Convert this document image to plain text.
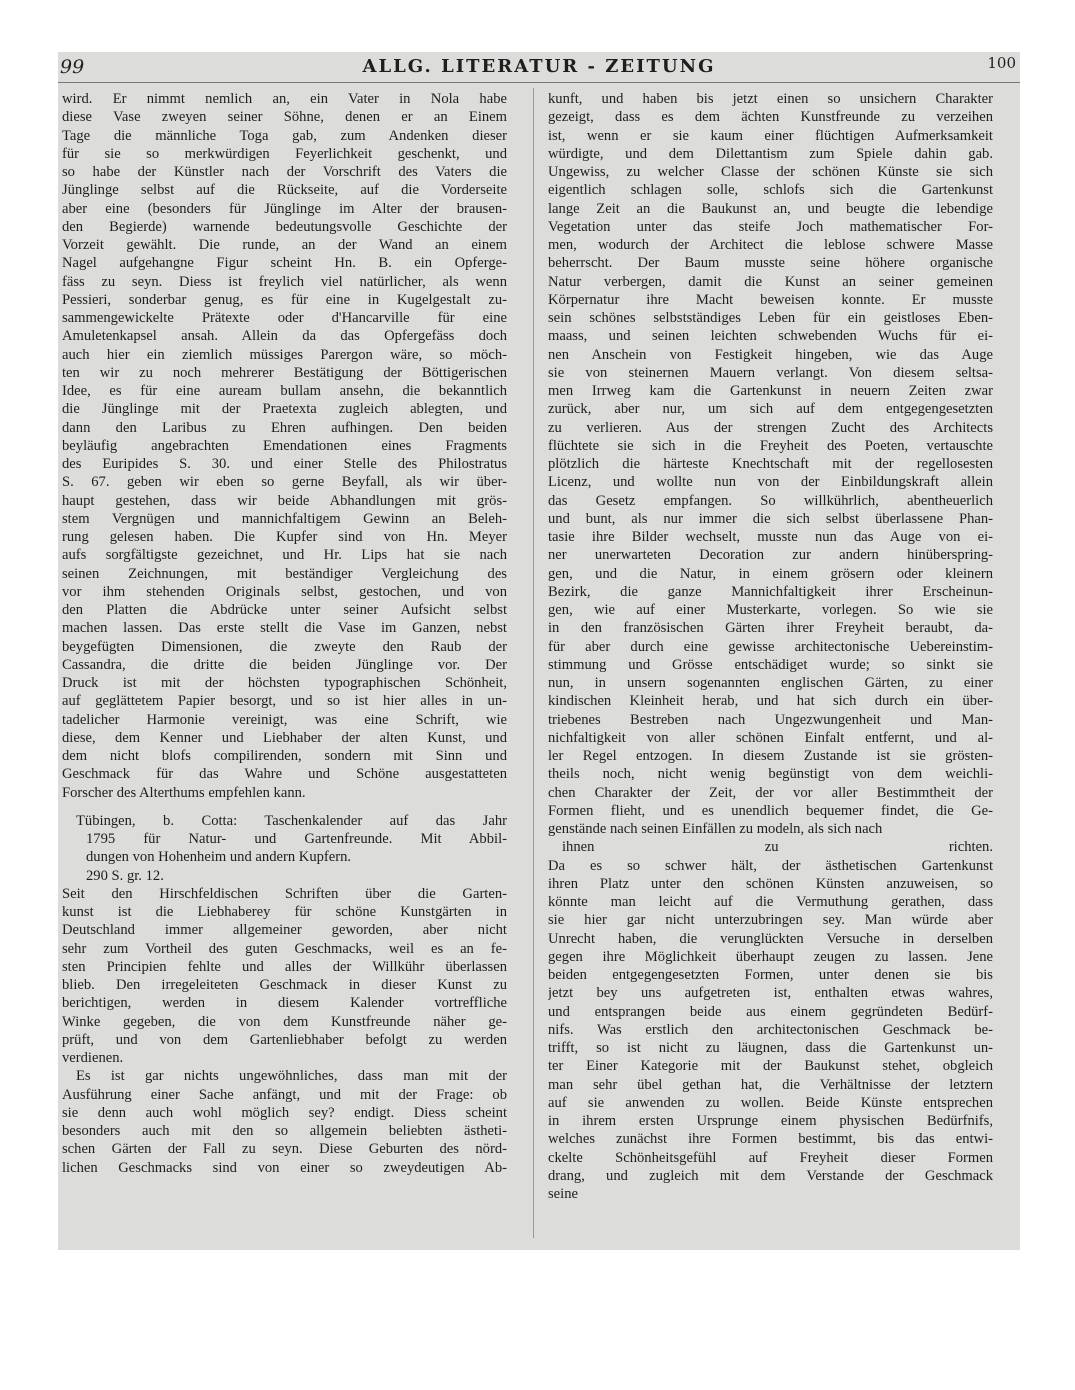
99	ALLG. LITERATUR - ZEITUNG	100
wird. Er nimmt nemlich an, ein Vater in Nola habe
diese Vase zweyen seiner Söhne, denen er an Einem
Tage die männliche Toga gab, zum Andenken dieser
für sie so merkwürdigen Feyerlichkeit geschenkt, und
so habe der Künstler nach der Vorschrift des Vaters die
Jünglinge selbst auf die Rückseite, auf die Vorderseite
aber eine (besonders für Jünglinge im Alter der brausen-
den Begierde) warnende bedeutungsvolle Geschichte der
Vorzeit gewählt. Die runde, an der Wand an einem
Nagel aufgehangne Figur scheint Hn. B. ein Opferge-
fäss zu seyn. Diess ist freylich viel natürlicher, als wenn
Pessieri, sonderbar genug, es für eine in Kugelgestalt zu-
sammengewickelte Prätexte oder d'Hancarville für eine
Amuletenkapsel ansah. Allein da das Opfergefäss doch
auch hier ein ziemlich müssiges Parergon wäre, so möch-
ten wir zu noch mehrerer Bestätigung der Böttigerischen
Idee, es für eine auream bullam ansehn, die bekanntlich
die Jünglinge mit der Praetexta zugleich ablegten, und
dann den Laribus zu Ehren aufhingen. Den beiden
beyläufig angebrachten Emendationen eines Fragments
des Euripides S. 30. und einer Stelle des Philostratus
S. 67. geben wir eben so gerne Beyfall, als wir über-
haupt gestehen, dass wir beide Abhandlungen mit grös-
stem Vergnügen und mannichfaltigem Gewinn an Beleh-
rung gelesen haben. Die Kupfer sind von Hn. Meyer
aufs sorgfältigste gezeichnet, und Hr. Lips hat sie nach
seinen Zeichnungen, mit beständiger Vergleichung des
vor ihm stehenden Originals selbst, gestochen, und von
den Platten die Abdrücke unter seiner Aufsicht selbst
machen lassen. Das erste stellt die Vase im Ganzen, nebst
beygefügten Dimensionen, die zweyte den Raub der
Cassandra, die dritte die beiden Jünglinge vor. Der
Druck ist mit der höchsten typographischen Schönheit,
auf geglättetem Papier besorgt, und so ist hier alles in un-
tadelicher Harmonie vereinigt, was eine Schrift, wie
diese, dem Kenner und Liebhaber der alten Kunst, und
dem nicht blofs compilirenden, sondern mit Sinn und
Geschmack für das Wahre und Schöne ausgestatteten
Forscher des Alterthums empfehlen kann.
Tübingen, b. Cotta: Taschenkalender auf das Jahr
1795 für Natur- und Gartenfreunde. Mit Abbil-
dungen von Hohenheim und andern Kupfern.
290 S. gr. 12.
Seit den Hirschfeldischen Schriften über die Garten-
kunst ist die Liebhaberey für schöne Kunstgärten in
Deutschland immer allgemeiner geworden, aber nicht
sehr zum Vortheil des guten Geschmacks, weil es an fe-
sten Principien fehlte und alles der Willkühr überlassen
blieb. Den irregeleiteten Geschmack in dieser Kunst zu
berichtigen, werden in diesem Kalender vortreffliche
Winke gegeben, die von dem Kunstfreunde näher ge-
prüft, und von dem Gartenliebhaber befolgt zu werden
verdienen.
Es ist gar nichts ungewöhnliches, dass man mit der
Ausführung einer Sache anfängt, und mit der Frage: ob
sie denn auch wohl möglich sey? endigt. Diess scheint
besonders auch mit den so allgemein beliebten ästheti-
schen Gärten der Fall zu seyn. Diese Geburten des nörd-
lichen Geschmacks sind von einer so zweydeutigen Ab-
kunft, und haben bis jetzt einen so unsichern Charakter
gezeigt, dass es dem ächten Kunstfreunde zu verzeihen
ist, wenn er sie kaum einer flüchtigen Aufmerksamkeit
würdigte, und dem Dilettantism zum Spiele dahin gab.
Ungewiss, zu welcher Classe der schönen Künste sie sich
eigentlich schlagen solle, schlofs sich die Gartenkunst
lange Zeit an die Baukunst an, und beugte die lebendige
Vegetation unter das steife Joch mathematischer For-
men, wodurch der Architect die leblose schwere Masse
beherrscht. Der Baum musste seine höhere organische
Natur verbergen, damit die Kunst an seiner gemeinen
Körpernatur ihre Macht beweisen konnte. Er musste
sein schönes selbstständiges Leben für ein geistloses Eben-
maass, und seinen leichten schwebenden Wuchs für ei-
nen Anschein von Festigkeit hingeben, wie das Auge
sie von steinernen Mauern verlangt. Von diesem seltsa-
men Irrweg kam die Gartenkunst in neuern Zeiten zwar
zurück, aber nur, um sich auf dem entgegengesetzten
zu verlieren. Aus der strengen Zucht des Architects
flüchtete sie sich in die Freyheit des Poeten, vertauschte
plötzlich die härteste Knechtschaft mit der regellosesten
Licenz, und wollte nun von der Einbildungskraft allein
das Gesetz empfangen. So willkührlich, abentheuerlich
und bunt, als nur immer die sich selbst überlassene Phan-
tasie ihre Bilder wechselt, musste nun das Auge von ei-
ner unerwarteten Decoration zur andern hinüberspring-
gen, und die Natur, in einem grösern oder kleinern
Bezirk, die ganze Mannichfaltigkeit ihrer Erscheinun-
gen, wie auf einer Musterkarte, vorlegen. So wie sie
in den französischen Gärten ihrer Freyheit beraubt, da-
für aber durch eine gewisse architectonische Uebereinstim-
stimmung und Grösse entschädiget wurde; so sinkt sie
nun, in unsern sogenannten englischen Gärten, zu einer
kindischen Kleinheit herab, und hat sich durch ein über-
triebenes Bestreben nach Ungezwungenheit und Man-
nichfaltigkeit von aller schönen Einfalt entfernt, und al-
ler Regel entzogen. In diesem Zustande ist sie grösten-
theils noch, nicht wenig begünstigt von dem weichli-
chen Charakter der Zeit, der vor aller Bestimmtheit der
Formen flieht, und es unendlich bequemer findet, die Ge-
genstände nach seinen Einfällen zu modeln, als sich nach
ihnen zu richten.
Da es so schwer hält, der ästhetischen Gartenkunst
ihren Platz unter den schönen Künsten anzuweisen, so
könnte man leicht auf die Vermuthung gerathen, dass
sie hier gar nicht unterzubringen sey. Man würde aber
Unrecht haben, die verunglückten Versuche in derselben
gegen ihre Möglichkeit überhaupt zeugen zu lassen. Jene
beiden entgegengesetzten Formen, unter denen sie bis
jetzt bey uns aufgetreten ist, enthalten etwas wahres,
und entsprangen beide aus einem gegründeten Bedürf-
nifs. Was erstlich den architectonischen Geschmack be-
trifft, so ist nicht zu läugnen, dass die Gartenkunst un-
ter Einer Kategorie mit der Baukunst stehet, obgleich
man sehr übel gethan hat, die Verhältnisse der letztern
auf sie anwenden zu wollen. Beide Künste entsprechen
in ihrem ersten Ursprunge einem physischen Bedürfnifs,
welches zunächst ihre Formen bestimmt, bis das entwi-
ckelte Schönheitsgefühl auf Freyheit dieser Formen
drang, und zugleich mit dem Verstande der Geschmack
seine
